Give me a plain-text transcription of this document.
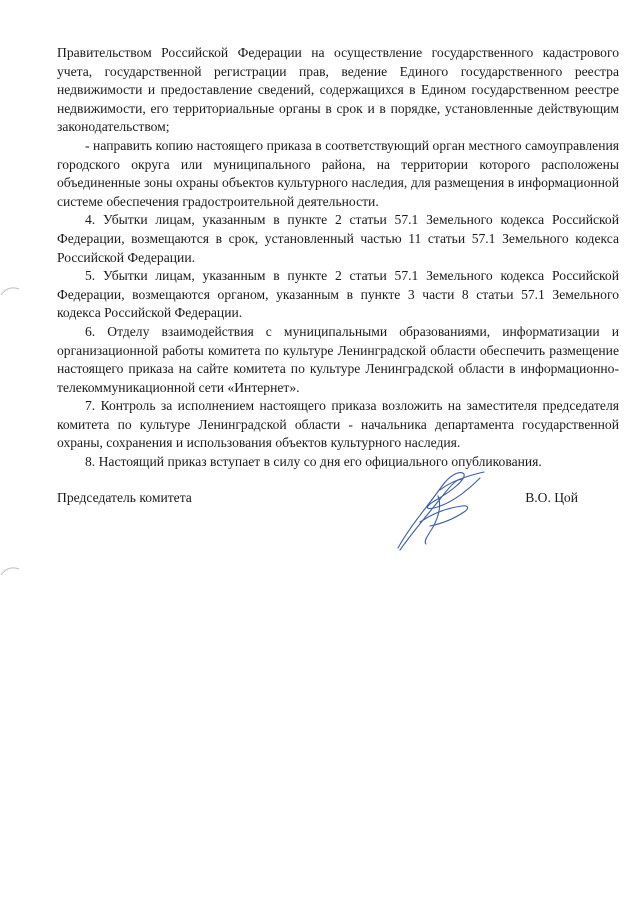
Правительством Российской Федерации на осуществление государственного кадастрового учета, государственной регистрации прав, ведение Единого государственного реестра недвижимости и предоставление сведений, содержащихся в Едином государственном реестре недвижимости, его территориальные органы в срок и в порядке, установленные действующим законодательством;

- направить копию настоящего приказа в соответствующий орган местного самоуправления городского округа или муниципального района, на территории которого расположены объединенные зоны охраны объектов культурного наследия, для размещения в информационной системе обеспечения градостроительной деятельности.

4. Убытки лицам, указанным в пункте 2 статьи 57.1 Земельного кодекса Российской Федерации, возмещаются в срок, установленный частью 11 статьи 57.1 Земельного кодекса Российской Федерации.

5. Убытки лицам, указанным в пункте 2 статьи 57.1 Земельного кодекса Российской Федерации, возмещаются органом, указанным в пункте 3 части 8 статьи 57.1 Земельного кодекса Российской Федерации.

6. Отделу взаимодействия с муниципальными образованиями, информатизации и организационной работы комитета по культуре Ленинградской области обеспечить размещение настоящего приказа на сайте комитета по культуре Ленинградской области в информационно-телекоммуникационной сети «Интернет».

7. Контроль за исполнением настоящего приказа возложить на заместителя председателя комитета по культуре Ленинградской области - начальника департамента государственной охраны, сохранения и использования объектов культурного наследия.

8. Настоящий приказ вступает в силу со дня его официального опубликования.

Председатель комитета	В.О. Цой
